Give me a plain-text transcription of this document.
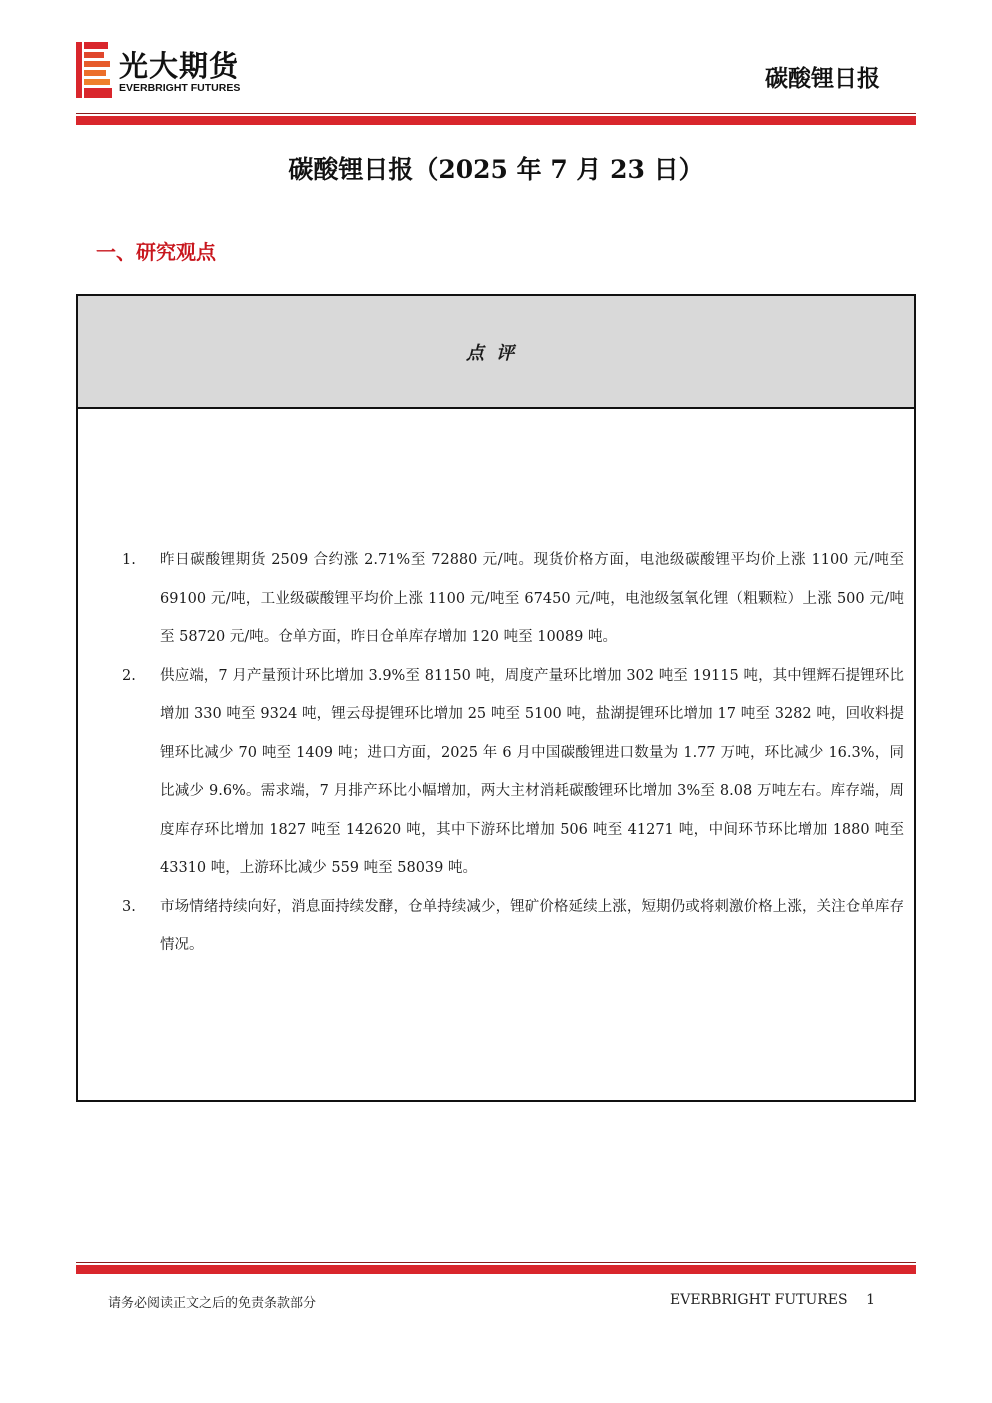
光大期货
EVERBRIGHT FUTURES	碳酸锂日报
碳酸锂日报（2025 年 7 月 23 日）
一、研究观点
点评
1. 昨日碳酸锂期货 2509 合约涨 2.71%至 72880 元/吨。现货价格方面，电池级碳酸锂平均价上涨 1100 元/吨至 69100 元/吨，工业级碳酸锂平均价上涨 1100 元/吨至 67450 元/吨，电池级氢氧化锂（粗颗粒）上涨 500 元/吨至 58720 元/吨。仓单方面，昨日仓单库存增加 120 吨至 10089 吨。
2. 供应端，7 月产量预计环比增加 3.9%至 81150 吨，周度产量环比增加 302 吨至 19115 吨，其中锂辉石提锂环比增加 330 吨至 9324 吨，锂云母提锂环比增加 25 吨至 5100 吨，盐湖提锂环比增加 17 吨至 3282 吨，回收料提锂环比减少 70 吨至 1409 吨；进口方面，2025 年 6 月中国碳酸锂进口数量为 1.77 万吨，环比减少 16.3%，同比减少 9.6%。需求端，7 月排产环比小幅增加，两大主材消耗碳酸锂环比增加 3%至 8.08 万吨左右。库存端，周度库存环比增加 1827 吨至 142620 吨，其中下游环比增加 506 吨至 41271 吨，中间环节环比增加 1880 吨至 43310 吨，上游环比减少 559 吨至 58039 吨。
3. 市场情绪持续向好，消息面持续发酵，仓单持续减少，锂矿价格延续上涨，短期仍或将刺激价格上涨，关注仓单库存情况。
请务必阅读正文之后的免责条款部分	EVERBRIGHT FUTURES 1
